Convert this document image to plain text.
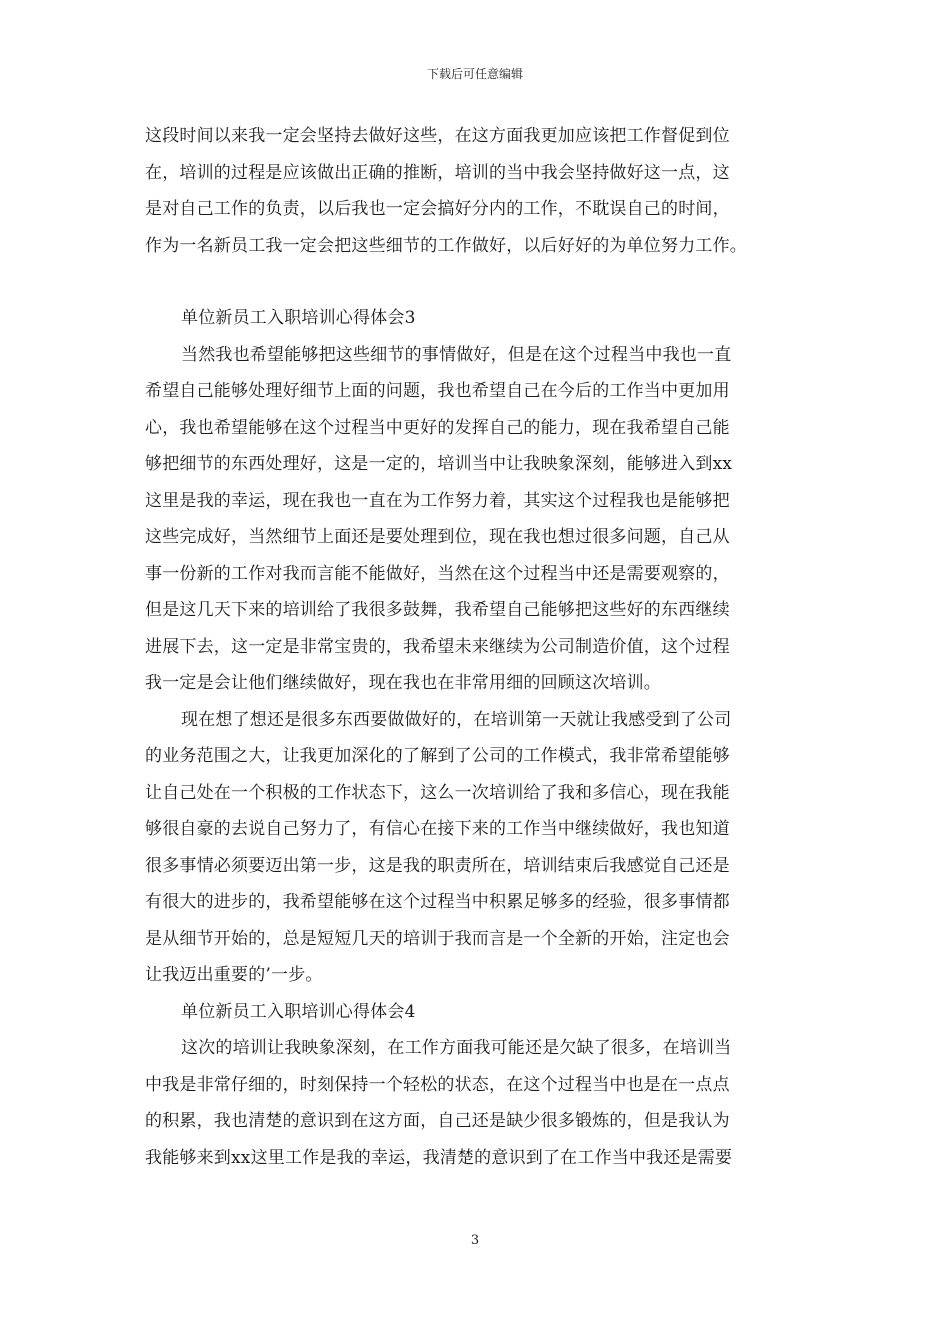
下载后可任意编辑
这段时间以来我一定会坚持去做好这些，在这方面我更加应该把工作督促到位
在，培训的过程是应该做出正确的推断，培训的当中我会坚持做好这一点，这
是对自己工作的负责，以后我也一定会搞好分内的工作，不耽误自己的时间，
作为一名新员工我一定会把这些细节的工作做好，以后好好的为单位努力工作。
单位新员工入职培训心得体会3
当然我也希望能够把这些细节的事情做好，但是在这个过程当中我也一直
希望自己能够处理好细节上面的问题，我也希望自己在今后的工作当中更加用
心，我也希望能够在这个过程当中更好的发挥自己的能力，现在我希望自己能
够把细节的东西处理好，这是一定的，培训当中让我映象深刻，能够进入到xx
这里是我的幸运，现在我也一直在为工作努力着，其实这个过程我也是能够把
这些完成好，当然细节上面还是要处理到位，现在我也想过很多问题，自己从
事一份新的工作对我而言能不能做好，当然在这个过程当中还是需要观察的，
但是这几天下来的培训给了我很多鼓舞，我希望自己能够把这些好的东西继续
进展下去，这一定是非常宝贵的，我希望未来继续为公司制造价值，这个过程
我一定是会让他们继续做好，现在我也在非常用细的回顾这次培训。
现在想了想还是很多东西要做做好的，在培训第一天就让我感受到了公司
的业务范围之大，让我更加深化的了解到了公司的工作模式，我非常希望能够
让自己处在一个积极的工作状态下，这么一次培训给了我和多信心，现在我能
够很自豪的去说自己努力了，有信心在接下来的工作当中继续做好，我也知道
很多事情必须要迈出第一步，这是我的职责所在，培训结束后我感觉自己还是
有很大的进步的，我希望能够在这个过程当中积累足够多的经验，很多事情都
是从细节开始的，总是短短几天的培训于我而言是一个全新的开始，注定也会
让我迈出重要的’一步。
单位新员工入职培训心得体会4
这次的培训让我映象深刻，在工作方面我可能还是欠缺了很多，在培训当
中我是非常仔细的，时刻保持一个轻松的状态，在这个过程当中也是在一点点
的积累，我也清楚的意识到在这方面，自己还是缺少很多锻炼的，但是我认为
我能够来到xx这里工作是我的幸运，我清楚的意识到了在工作当中我还是需要
3
